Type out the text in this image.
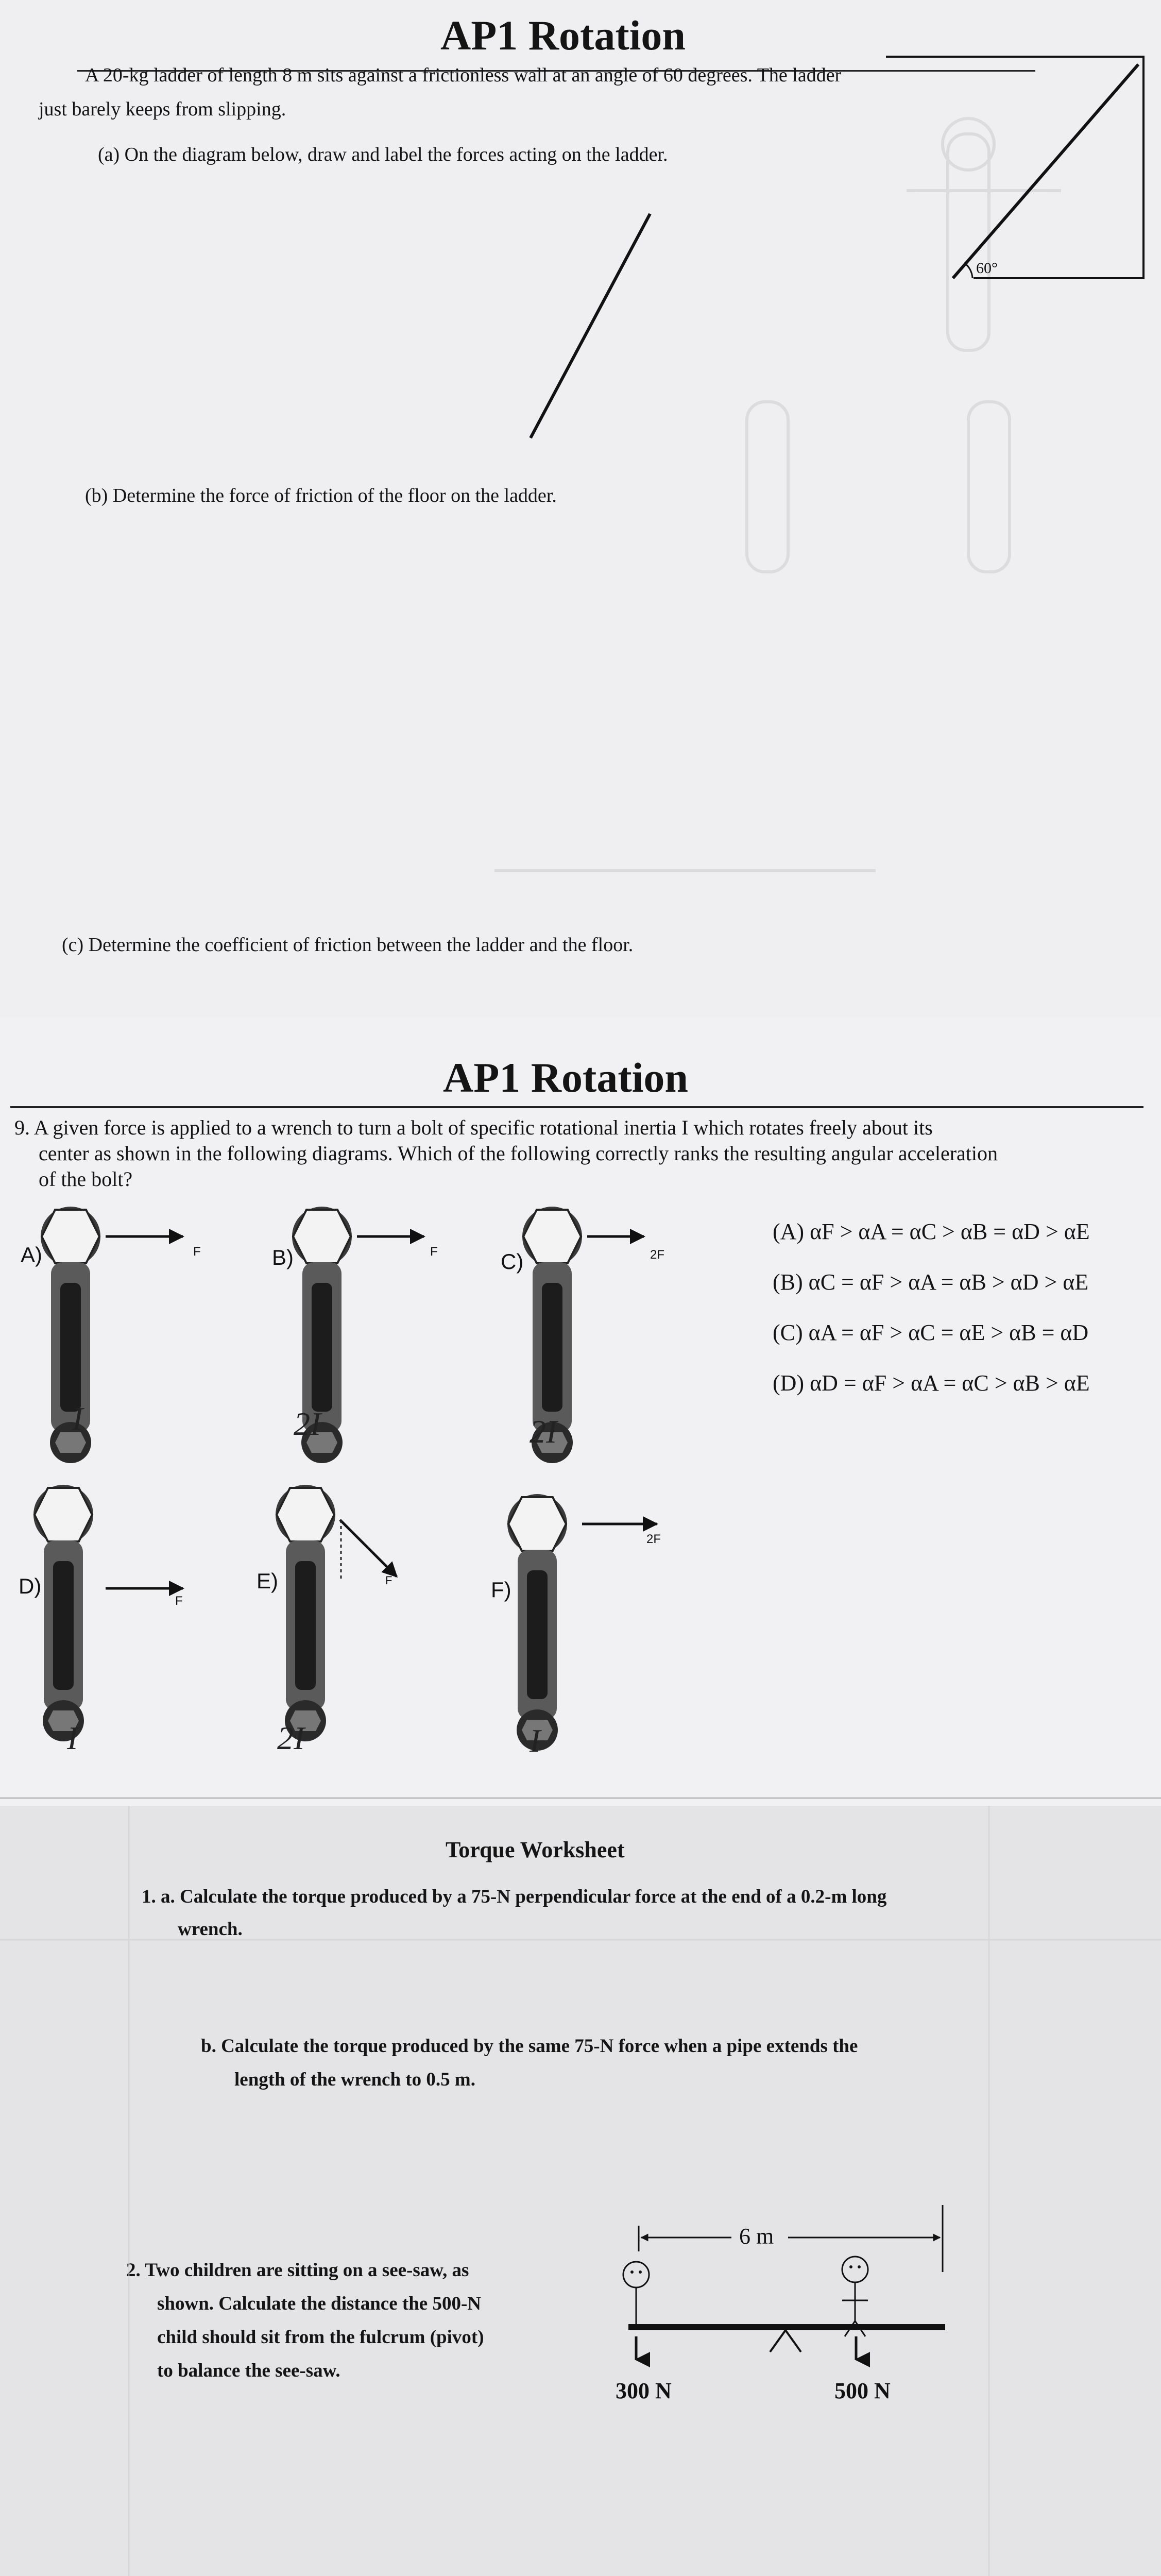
AP1 Rotation
A 20-kg ladder of length 8 m sits against a frictionless wall at an angle of 60 degrees. The ladder
just barely keeps from slipping.
(a) On the diagram below, draw and label the forces acting on the ladder.
(b) Determine the force of friction of the floor on the ladder.
(c) Determine the coefficient of friction between the ladder and the floor.
60°
AP1 Rotation
9. A given force is applied to a wrench to turn a bolt of specific rotational inertia I which rotates freely about its
center as shown in the following diagrams. Which of the following correctly ranks the resulting angular acceleration
of the bolt?
(A) αF > αA = αC > αB = αD > αE
(B) αC = αF > αA = αB > αD > αE
(C) αA = αF > αC = αE > αB = αD
(D) αD = αF > αA = αC > αB > αE
F
A)
I
F
B)
2I
2F
C)
2I
F
D)
I
F
E)
2I
2F
F)
I
Torque Worksheet
1. a. Calculate the torque produced by a 75-N perpendicular force at the end of a 0.2-m long
wrench.
b. Calculate the torque produced by the same 75-N force when a pipe extends the
length of the wrench to 0.5 m.
2. Two children are sitting on a see-saw, as
shown. Calculate the distance the 500-N
child should sit from the fulcrum (pivot)
to balance the see-saw.
6 m
300 N	500 N
